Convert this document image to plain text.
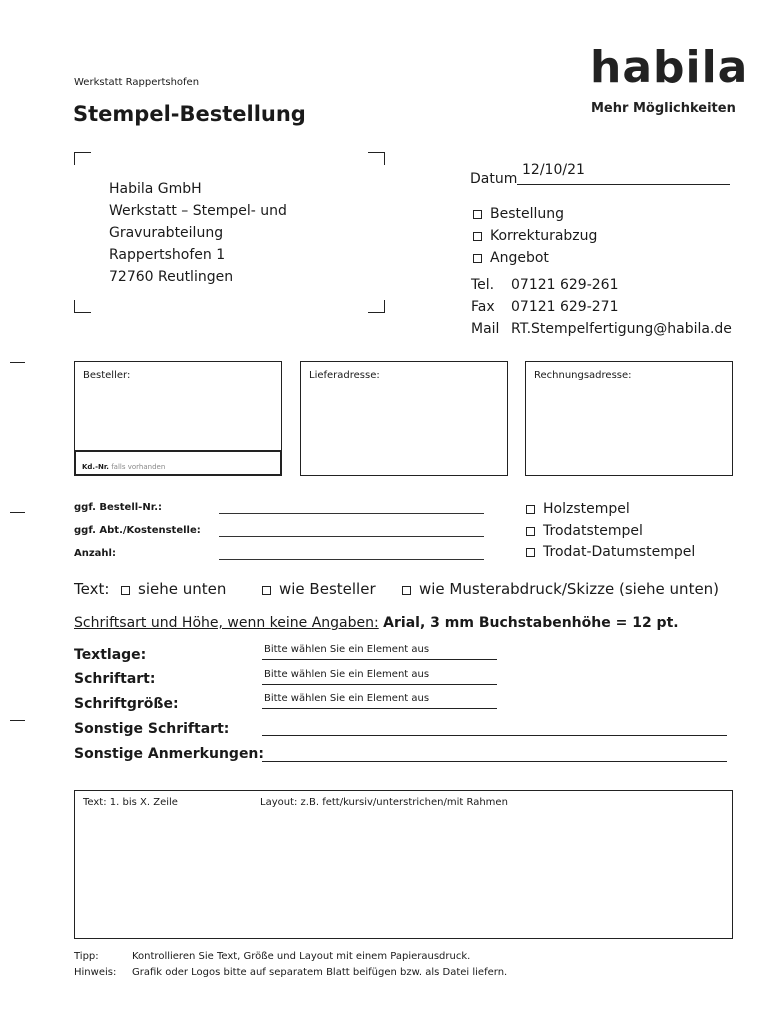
Werkstatt Rappertshofen
Stempel-Bestellung
habila
Mehr Möglichkeiten
Habila GmbH
Werkstatt – Stempel- und
Gravurabteilung
Rappertshofen 1
72760 Reutlingen
Datum
12/10/21
Bestellung
Korrekturabzug
Angebot
Tel. 07121 629-261
Fax 07121 629-271
Mail RT.Stempelfertigung@habila.de
Besteller:
Kd.-Nr. falls vorhanden
Lieferadresse:	Rechnungsadresse:
ggf. Bestell-Nr.:
ggf. Abt./Kostenstelle:
Anzahl:
Holzstempel
Trodatstempel
Trodat-Datumstempel
Text:	siehe unten	wie Besteller	wie Musterabdruck/Skizze (siehe unten)
Schriftsart und Höhe, wenn keine Angaben: Arial, 3 mm Buchstabenhöhe = 12 pt.
Textlage:	Bitte wählen Sie ein Element aus
Schriftart:	Bitte wählen Sie ein Element aus
Schriftgröße:	Bitte wählen Sie ein Element aus
Sonstige Schriftart:
Sonstige Anmerkungen:
Text: 1. bis X. Zeile	Layout: z.B. fett/kursiv/unterstrichen/mit Rahmen
Tipp:	Kontrollieren Sie Text, Größe und Layout mit einem Papierausdruck.
Hinweis: Grafik oder Logos bitte auf separatem Blatt beifügen bzw. als Datei liefern.
